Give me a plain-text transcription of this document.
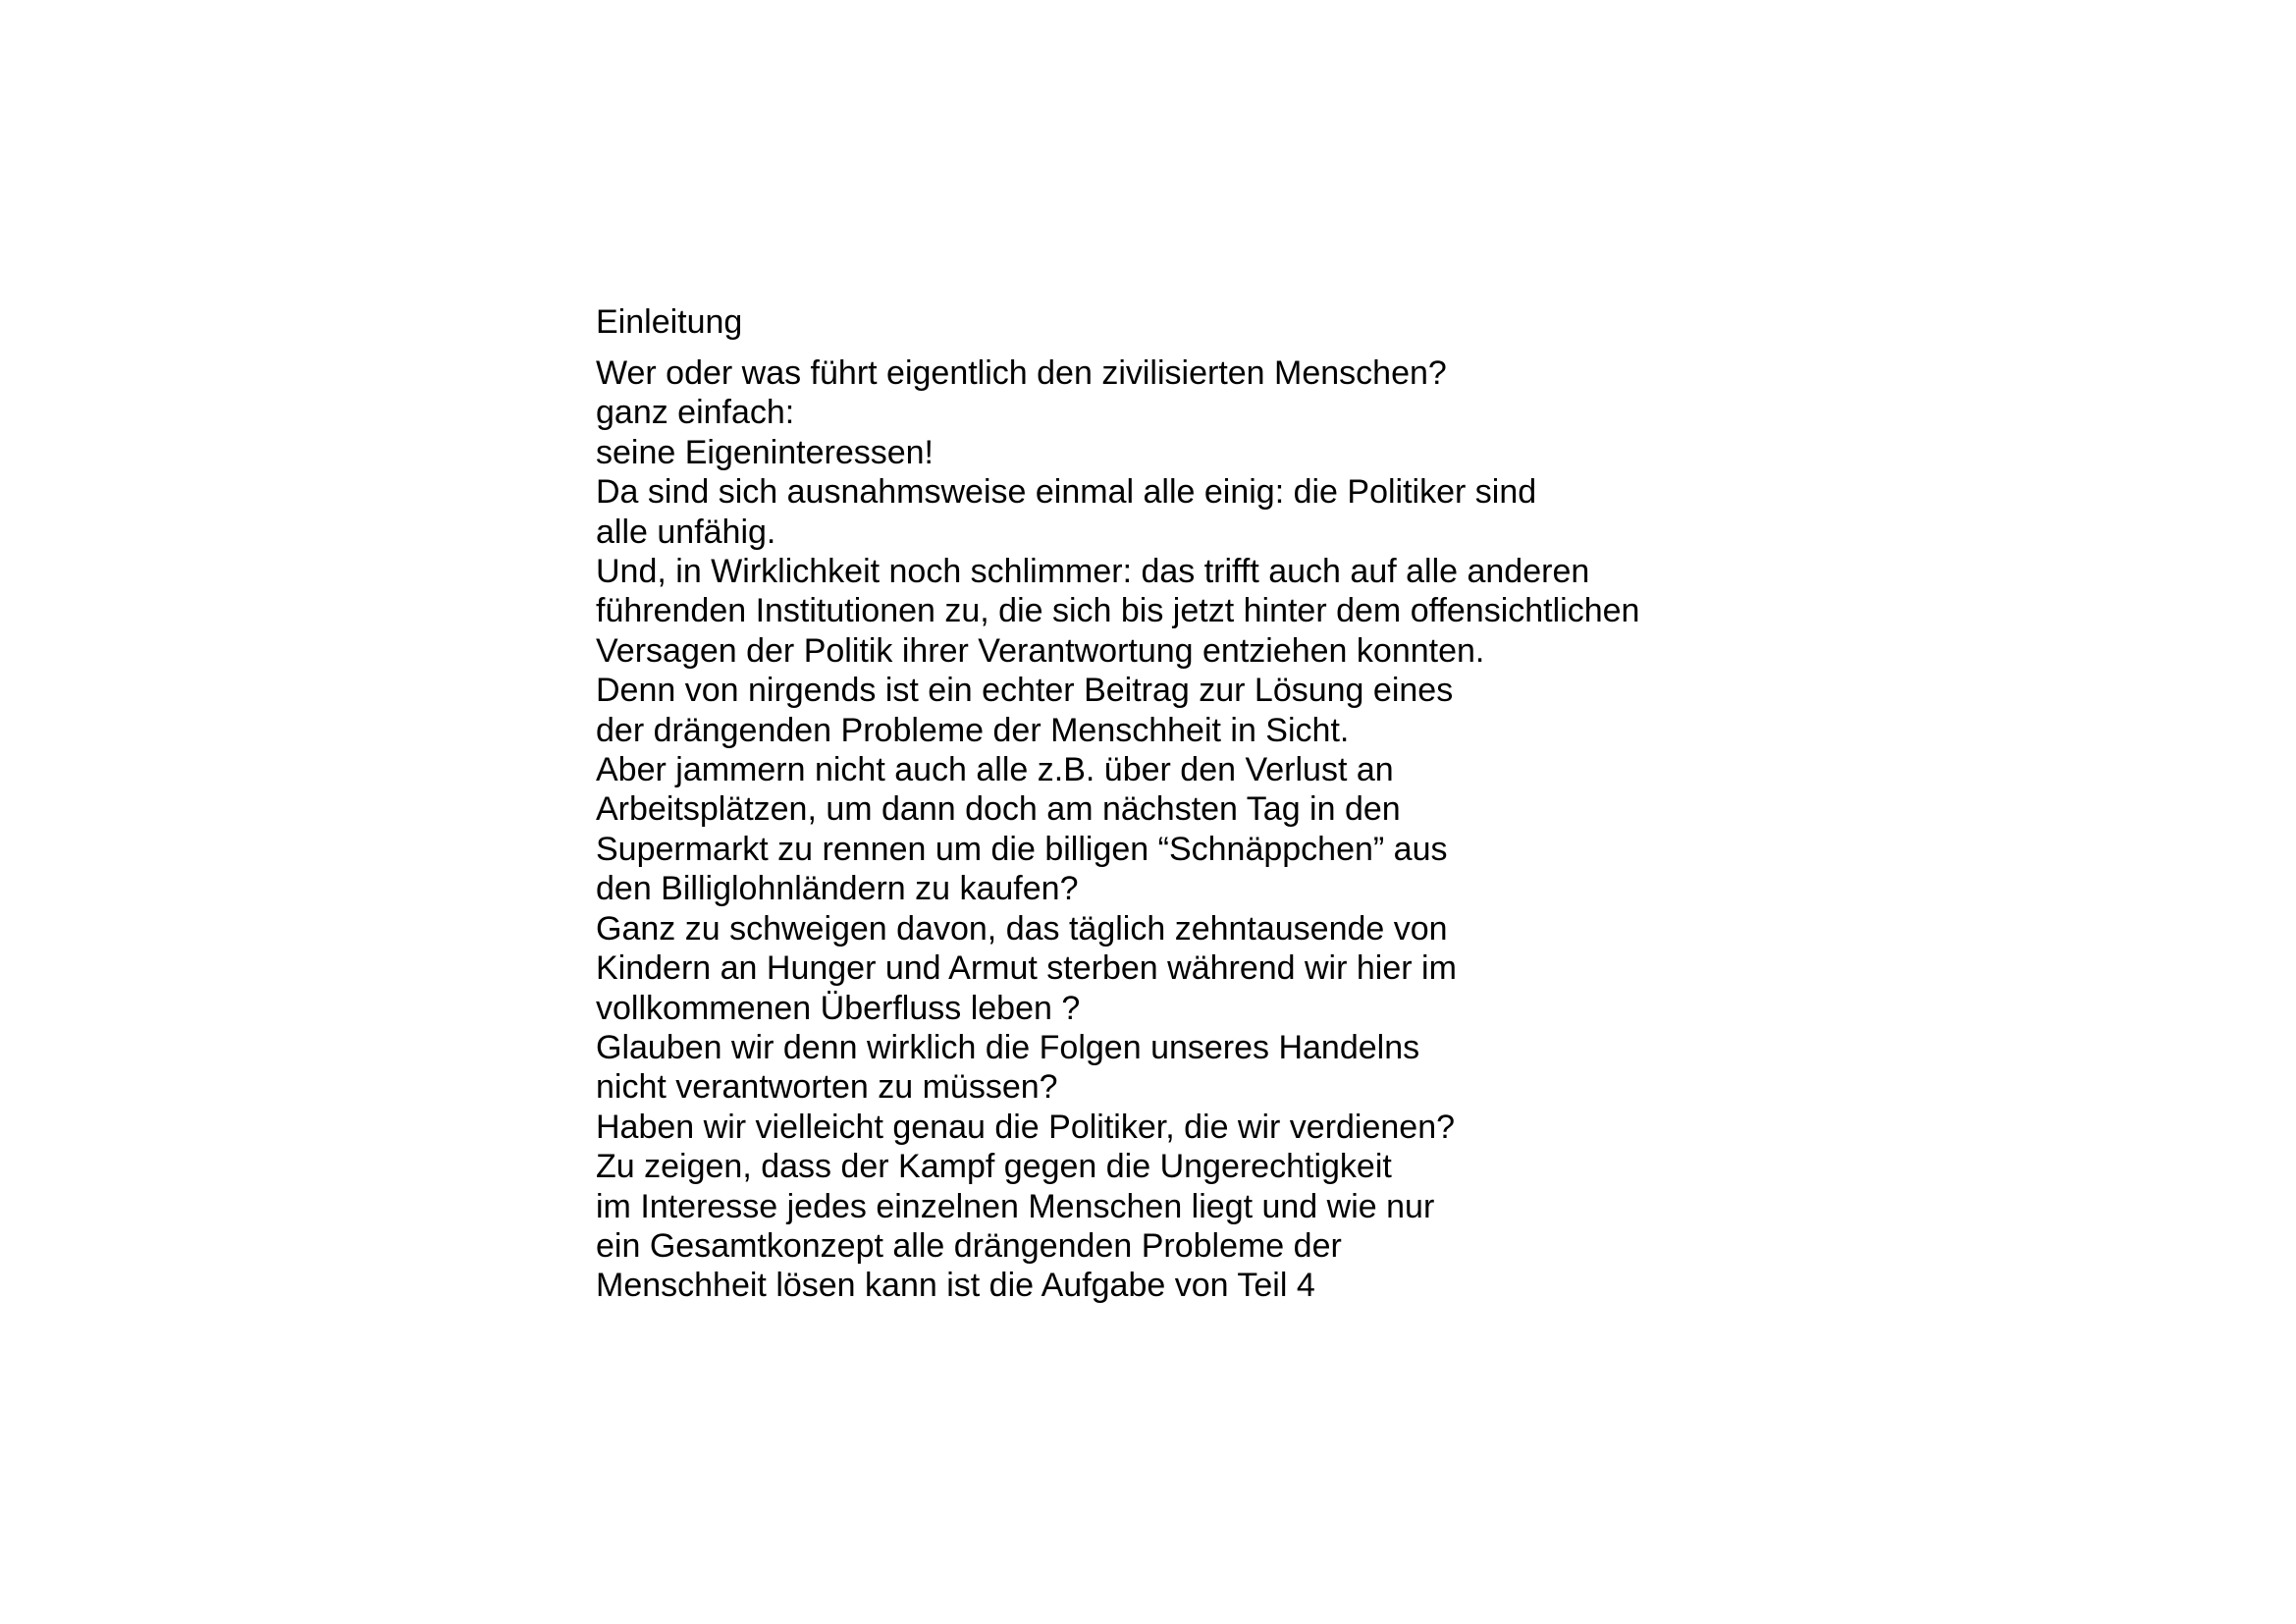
Einleitung
Wer oder was führt eigentlich den zivilisierten Menschen?
ganz einfach:
seine Eigeninteressen!
Da sind sich ausnahmsweise einmal alle einig: die Politiker sind
alle unfähig.
Und, in Wirklichkeit noch schlimmer: das trifft auch auf alle anderen
führenden Institutionen zu, die sich bis jetzt hinter dem offensichtlichen
Versagen der Politik ihrer Verantwortung entziehen konnten.
Denn von nirgends ist ein echter Beitrag zur Lösung eines
der drängenden Probleme der Menschheit in Sicht.
Aber jammern nicht auch alle z.B. über den Verlust an
Arbeitsplätzen, um dann doch am nächsten Tag in den
Supermarkt zu rennen um die billigen “Schnäppchen” aus
den Billiglohnländern zu kaufen?
Ganz zu schweigen davon, das täglich zehntausende von
Kindern an Hunger und Armut sterben während wir hier im
vollkommenen Überfluss leben ?
Glauben wir denn wirklich die Folgen unseres Handelns
nicht verantworten zu müssen?
Haben wir vielleicht genau die Politiker, die wir verdienen?
Zu zeigen, dass der Kampf gegen die Ungerechtigkeit
im Interesse jedes einzelnen Menschen liegt und wie nur
ein Gesamtkonzept alle drängenden Probleme der
Menschheit lösen kann ist die Aufgabe von Teil 4
